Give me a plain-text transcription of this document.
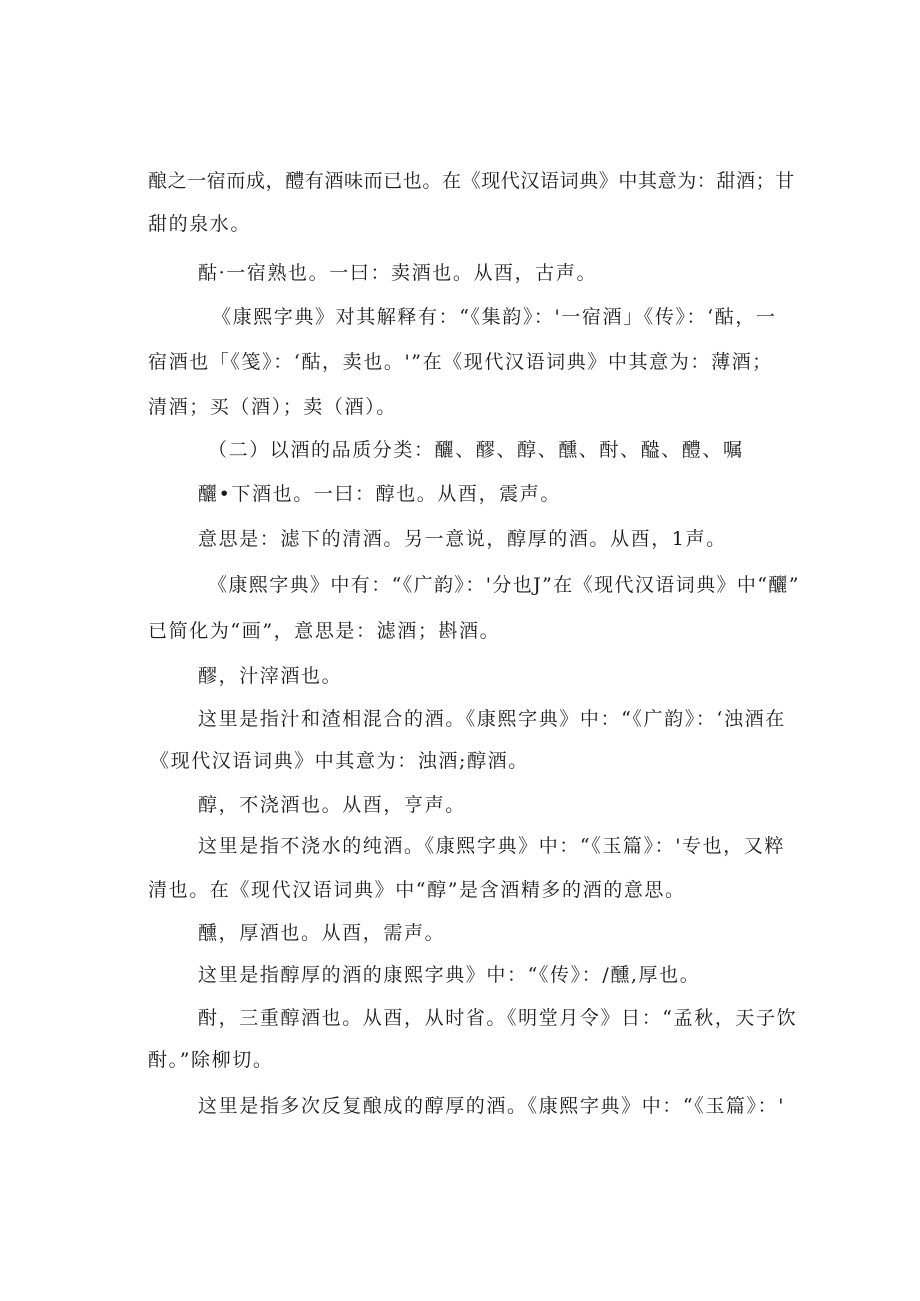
酿之一宿而成，醴有酒味而已也。在《现代汉语词典》中其意为：甜酒；甘
甜的泉水。
酤·一宿熟也。一曰：卖酒也。从酉，古声。
《康熙字典》对其解释有：“《集韵》：'一宿酒」《传》：‘酤，一
宿酒也「《笺》：‘酤，卖也。'”在《现代汉语词典》中其意为：薄酒；
清酒；买（酒）；卖（酒）。
（二）以酒的品质分类：釃、醪、醇、醺、酎、醠、醴、嘱
釃•下酒也。一曰：醇也。从酉，震声。
意思是：滤下的清酒。另一意说，醇厚的酒。从酉，1声。
《康熙字典》中有：“《广韵》：'分也J”在《现代汉语词典》中“釃”
已简化为“画”，意思是：滤酒；斟酒。
醪，汁滓酒也。
这里是指汁和渣相混合的酒。《康熙字典》中：“《广韵》：‘浊酒在
《现代汉语词典》中其意为：浊酒;醇酒。
醇，不浇酒也。从酉，亨声。
这里是指不浇水的纯酒。《康熙字典》中：“《玉篇》：'专也，又粹
清也。在《现代汉语词典》中“醇”是含酒精多的酒的意思。
醺，厚酒也。从酉，需声。
这里是指醇厚的酒的康熙字典》中：“《传》：/醺,厚也。
酎，三重醇酒也。从酉，从时省。《明堂月令》日：“孟秋，天子饮
酎。”除柳切。
这里是指多次反复酿成的醇厚的酒。《康熙字典》中：“《玉篇》：'
